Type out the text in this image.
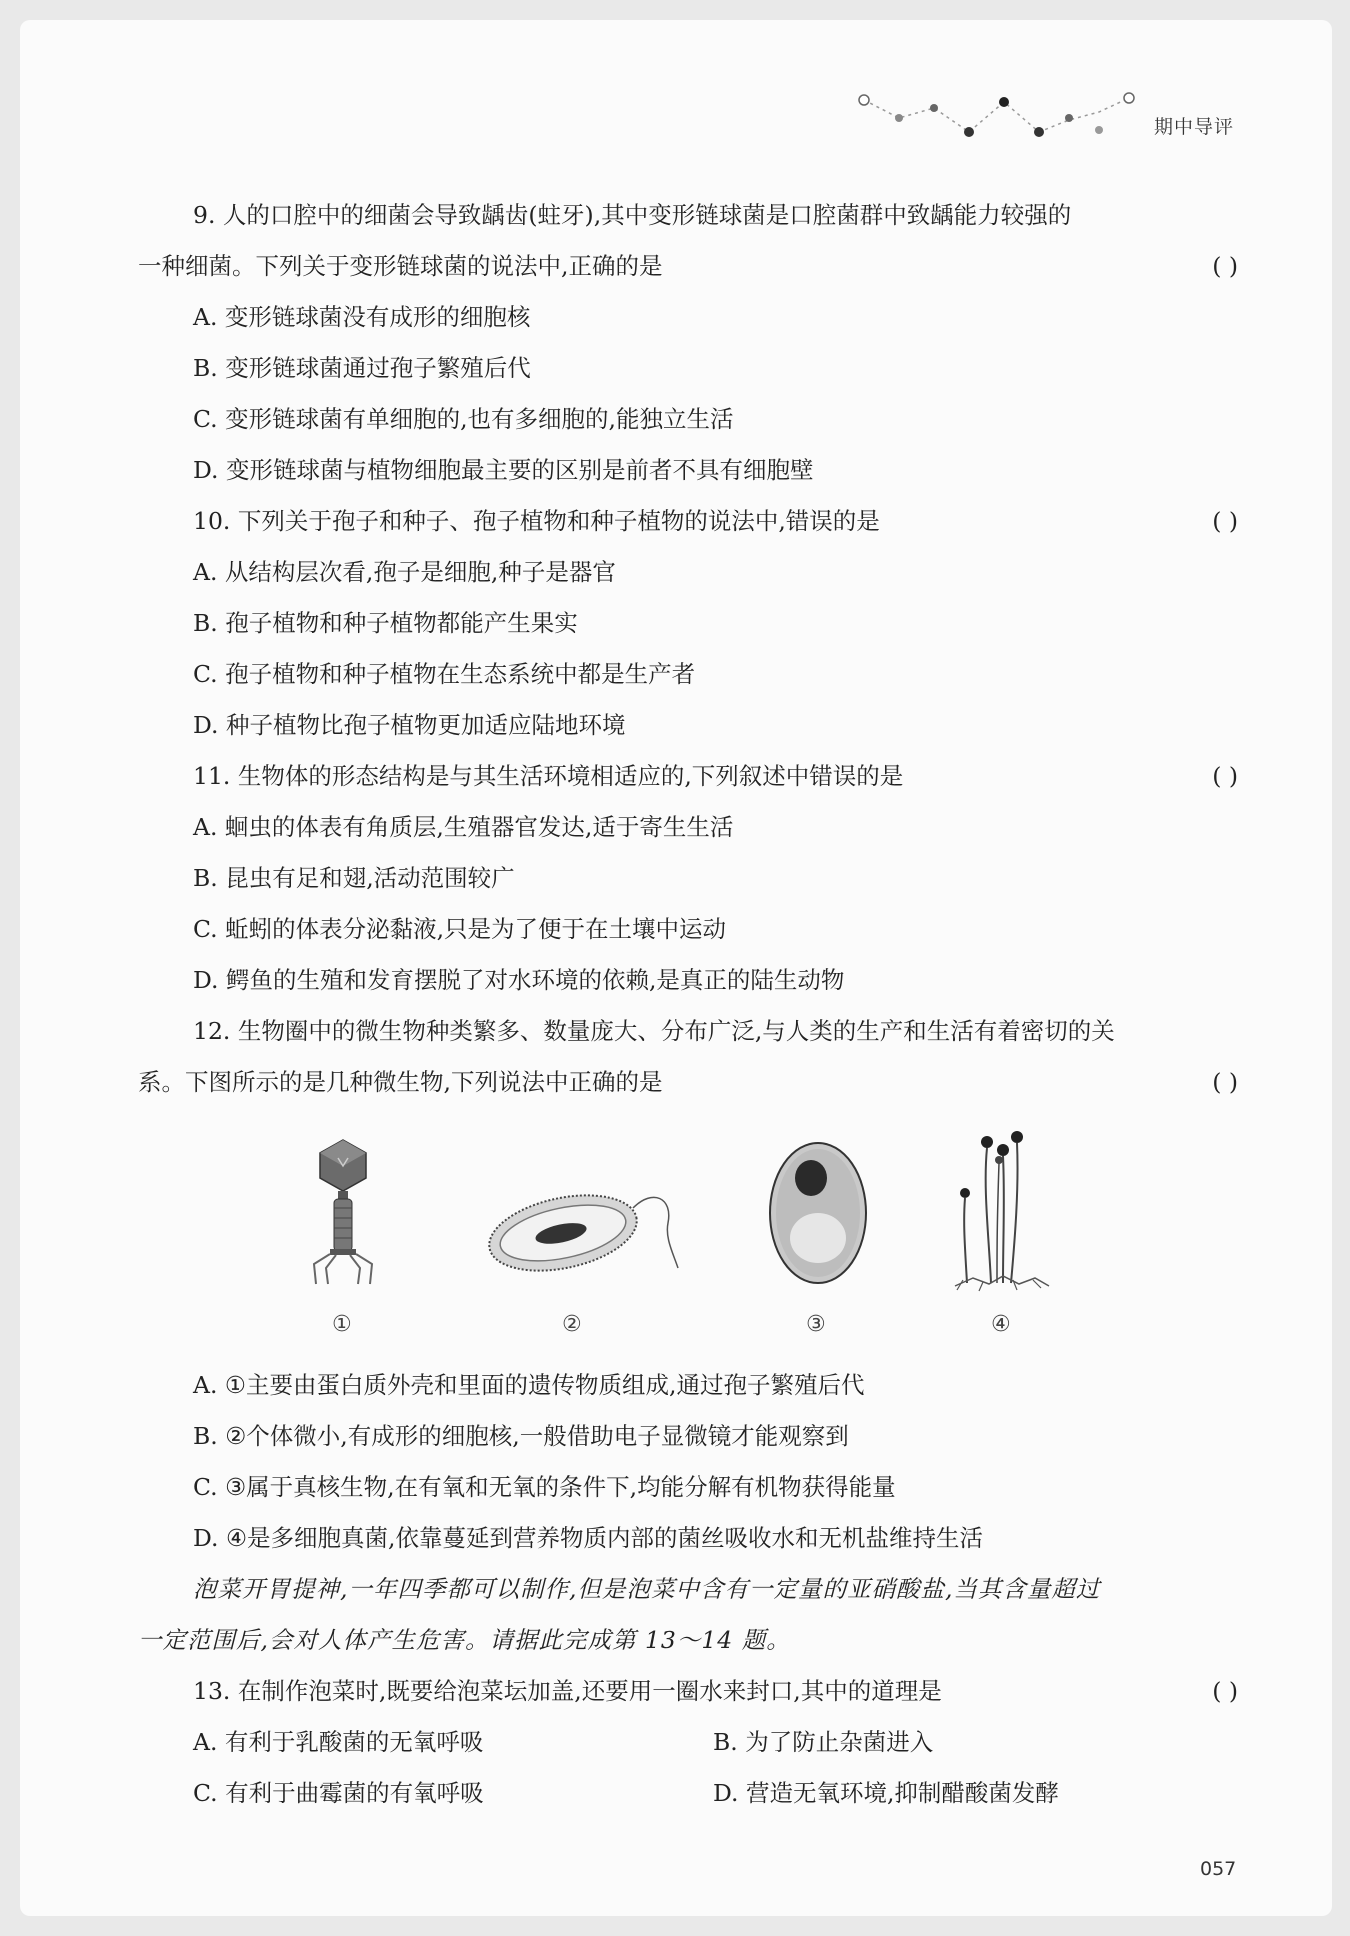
期中导评
9. 人的口腔中的细菌会导致龋齿(蛀牙),其中变形链球菌是口腔菌群中致龋能力较强的
一种细菌。下列关于变形链球菌的说法中,正确的是	( )
A. 变形链球菌没有成形的细胞核
B. 变形链球菌通过孢子繁殖后代
C. 变形链球菌有单细胞的,也有多细胞的,能独立生活
D. 变形链球菌与植物细胞最主要的区别是前者不具有细胞壁
10. 下列关于孢子和种子、孢子植物和种子植物的说法中,错误的是	( )
A. 从结构层次看,孢子是细胞,种子是器官
B. 孢子植物和种子植物都能产生果实
C. 孢子植物和种子植物在生态系统中都是生产者
D. 种子植物比孢子植物更加适应陆地环境
11. 生物体的形态结构是与其生活环境相适应的,下列叙述中错误的是	( )
A. 蛔虫的体表有角质层,生殖器官发达,适于寄生生活
B. 昆虫有足和翅,活动范围较广
C. 蚯蚓的体表分泌黏液,只是为了便于在土壤中运动
D. 鳄鱼的生殖和发育摆脱了对水环境的依赖,是真正的陆生动物
12. 生物圈中的微生物种类繁多、数量庞大、分布广泛,与人类的生产和生活有着密切的关
系。下图所示的是几种微生物,下列说法中正确的是	( )
①	②	③	④
A. ①主要由蛋白质外壳和里面的遗传物质组成,通过孢子繁殖后代
B. ②个体微小,有成形的细胞核,一般借助电子显微镜才能观察到
C. ③属于真核生物,在有氧和无氧的条件下,均能分解有机物获得能量
D. ④是多细胞真菌,依靠蔓延到营养物质内部的菌丝吸收水和无机盐维持生活
泡菜开胃提神,一年四季都可以制作,但是泡菜中含有一定量的亚硝酸盐,当其含量超过
一定范围后,会对人体产生危害。请据此完成第 13～14 题。
13. 在制作泡菜时,既要给泡菜坛加盖,还要用一圈水来封口,其中的道理是	( )
A. 有利于乳酸菌的无氧呼吸	B. 为了防止杂菌进入
C. 有利于曲霉菌的有氧呼吸	D. 营造无氧环境,抑制醋酸菌发酵
057
